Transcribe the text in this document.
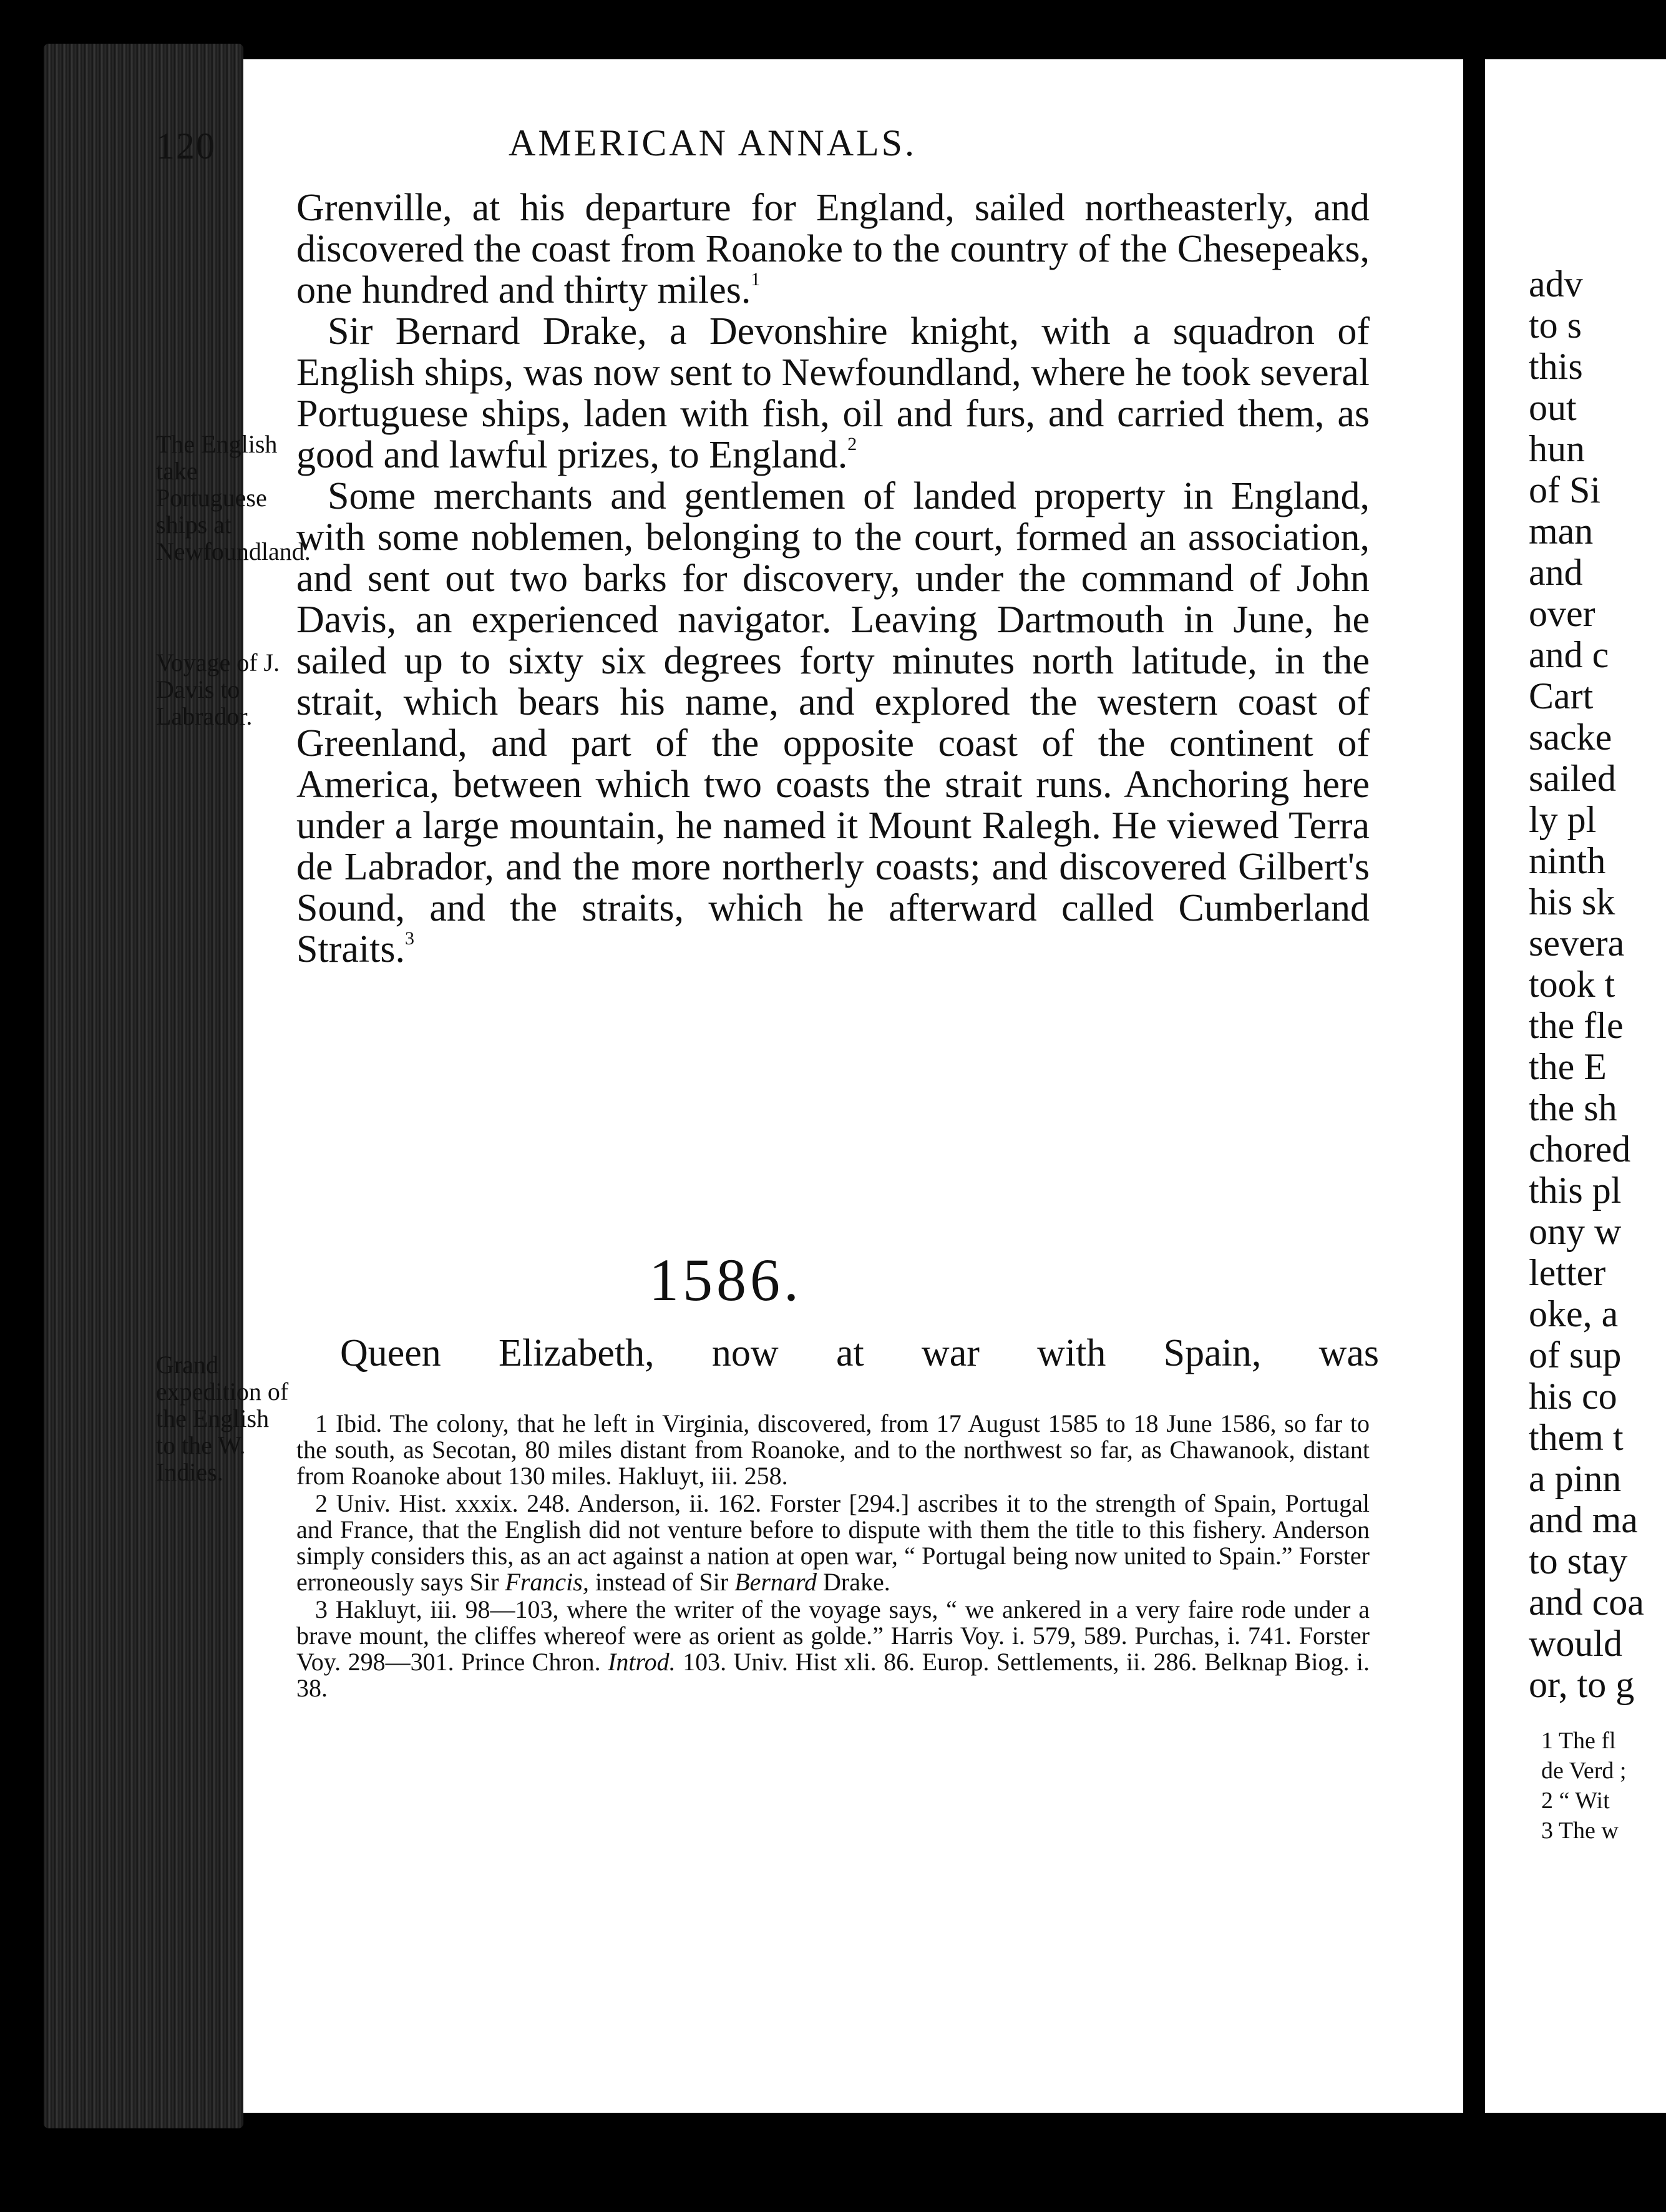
120	AMERICAN ANNALS.

Grenville, at his departure for England, sailed northeasterly, and discovered the coast from Roanoke to the country of the Chesepeaks, one hundred and thirty miles.$^1$

Sir Bernard Drake, a Devonshire knight, with a squadron of English ships, was now sent to Newfoundland, where he took several Portuguese ships, laden with fish, oil and furs, and carried them, as good and lawful prizes, to England.$^2$

Some merchants and gentlemen of landed property in England, with some noblemen, belonging to the court, formed an association, and sent out two barks for discovery, under the command of John Davis, an experienced navigator. Leaving Dartmouth in June, he sailed up to sixty six degrees forty minutes north latitude, in the strait, which bears his name, and explored the western coast of Greenland, and part of the opposite coast of the continent of America, between which two coasts the strait runs. Anchoring here under a large mountain, he named it Mount Ralegh. He viewed Terra de Labrador, and the more northerly coasts; and discovered Gilbert's Sound, and the straits, which he afterward called Cumberland Straits.$^3$

The English take Portuguese ships at Newfoundland.
Voyage of J. Davis to Labrador.
Grand expedition of the English to the W. Indies.
1586.
Queen Elizabeth, now at war with Spain, was

1 Ibid. The colony, that he left in Virginia, discovered, from 17 August 1585 to 18 June 1586, so far to the south, as Secotan, 80 miles distant from Roanoke, and to the northwest so far, as Chawanook, distant from Roanoke about 130 miles. Hakluyt, iii. 258.

2 Univ. Hist. xxxix. 248. Anderson, ii. 162. Forster [294.] ascribes it to the strength of Spain, Portugal and France, that the English did not venture before to dispute with them the title to this fishery. Anderson simply considers this, as an act against a nation at open war, “ Portugal being now united to Spain.” Forster erroneously says Sir Francis, instead of Sir Bernard Drake.

3 Hakluyt, iii. 98—103, where the writer of the voyage says, “ we ankered in a very faire rode under a brave mount, the cliffes whereof were as orient as golde.” Harris Voy. i. 579, 589. Purchas, i. 741. Forster Voy. 298—301. Prince Chron. Introd. 103. Univ. Hist xli. 86. Europ. Settlements, ii. 286. Belknap Biog. i. 38.

adv
to s
this
out
hun
of Si
man
and
over
and c
Cart
sacke
sailed
ly pl
ninth
his sk
severa
took t
the fle
the E
the sh
chored
this pl
ony w
letter
oke, a
of sup
his co
them t
a pinn
and ma
to stay
and coa
would
or, to g
1 The fl
de Verd ;
2 “ Wit
3 The w
